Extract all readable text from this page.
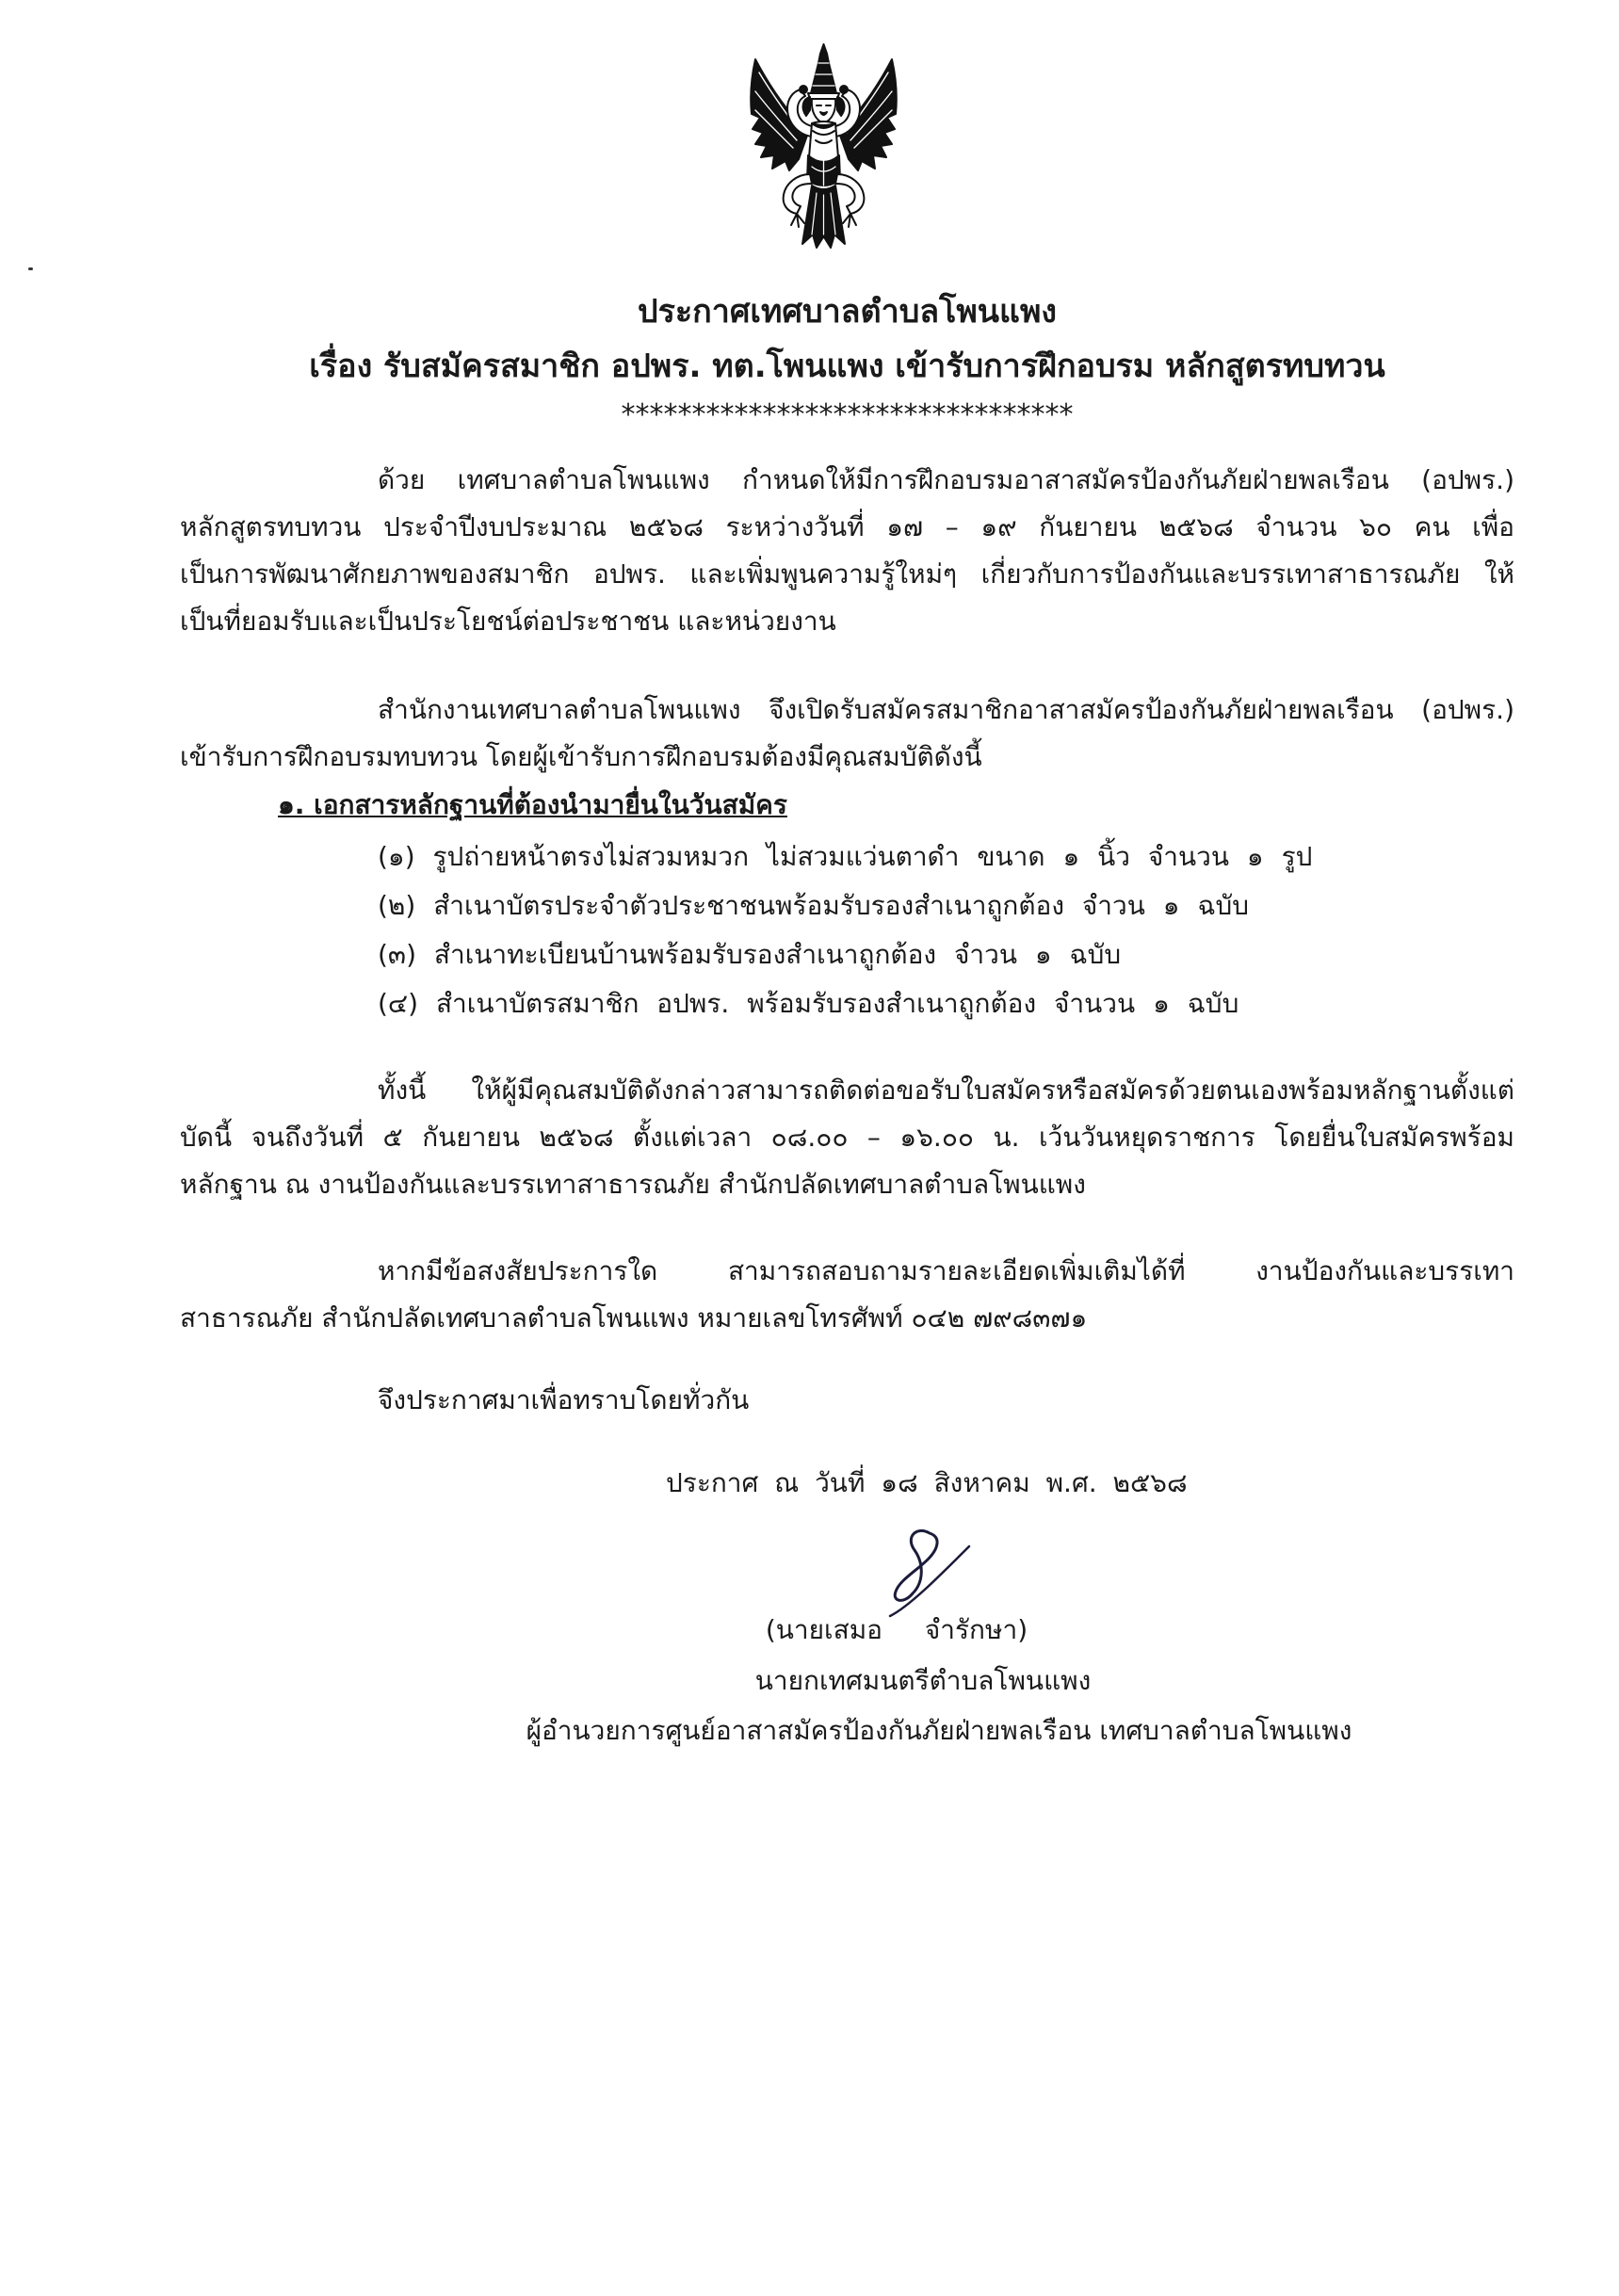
ประกาศเทศบาลตำบลโพนแพง
เรื่อง รับสมัครสมาชิก อปพร. ทต.โพนแพง เข้ารับการฝึกอบรม หลักสูตรทบทวน
********************************
ด้วย เทศบาลตำบลโพนแพง กำหนดให้มีการฝึกอบรมอาสาสมัครป้องกันภัยฝ่ายพลเรือน (อปพร.)
หลักสูตรทบทวน ประจำปีงบประมาณ ๒๕๖๘ ระหว่างวันที่ ๑๗ – ๑๙ กันยายน ๒๕๖๘ จำนวน ๖๐ คน เพื่อ
เป็นการพัฒนาศักยภาพของสมาชิก อปพร. และเพิ่มพูนความรู้ใหม่ๆ เกี่ยวกับการป้องกันและบรรเทาสาธารณภัย ให้
เป็นที่ยอมรับและเป็นประโยชน์ต่อประชาชน และหน่วยงาน
สำนักงานเทศบาลตำบลโพนแพง จึงเปิดรับสมัครสมาชิกอาสาสมัครป้องกันภัยฝ่ายพลเรือน (อปพร.)
เข้ารับการฝึกอบรมทบทวน โดยผู้เข้ารับการฝึกอบรมต้องมีคุณสมบัติดังนี้
๑. เอกสารหลักฐานที่ต้องนำมายื่นในวันสมัคร
(๑) รูปถ่ายหน้าตรงไม่สวมหมวก ไม่สวมแว่นตาดำ ขนาด ๑ นิ้ว จำนวน ๑ รูป
(๒) สำเนาบัตรประจำตัวประชาชนพร้อมรับรองสำเนาถูกต้อง จำวน ๑ ฉบับ
(๓) สำเนาทะเบียนบ้านพร้อมรับรองสำเนาถูกต้อง จำวน ๑ ฉบับ
(๔) สำเนาบัตรสมาชิก อปพร. พร้อมรับรองสำเนาถูกต้อง จำนวน ๑ ฉบับ
ทั้งนี้ ให้ผู้มีคุณสมบัติดังกล่าวสามารถติดต่อขอรับใบสมัครหรือสมัครด้วยตนเองพร้อมหลักฐานตั้งแต่
บัดนี้ จนถึงวันที่ ๕ กันยายน ๒๕๖๘ ตั้งแต่เวลา ๐๘.๐๐ – ๑๖.๐๐ น. เว้นวันหยุดราชการ โดยยื่นใบสมัครพร้อม
หลักฐาน ณ งานป้องกันและบรรเทาสาธารณภัย สำนักปลัดเทศบาลตำบลโพนแพง
หากมีข้อสงสัยประการใด สามารถสอบถามรายละเอียดเพิ่มเติมได้ที่ งานป้องกันและบรรเทา
สาธารณภัย สำนักปลัดเทศบาลตำบลโพนแพง หมายเลขโทรศัพท์ ๐๔๒ ๗๙๘๓๗๑
จึงประกาศมาเพื่อทราบโดยทั่วกัน
ประกาศ ณ วันที่ ๑๘ สิงหาคม พ.ศ. ๒๕๖๘
(นายเสมอ จำรักษา)
นายกเทศมนตรีตำบลโพนแพง
ผู้อำนวยการศูนย์อาสาสมัครป้องกันภัยฝ่ายพลเรือน เทศบาลตำบลโพนแพง
